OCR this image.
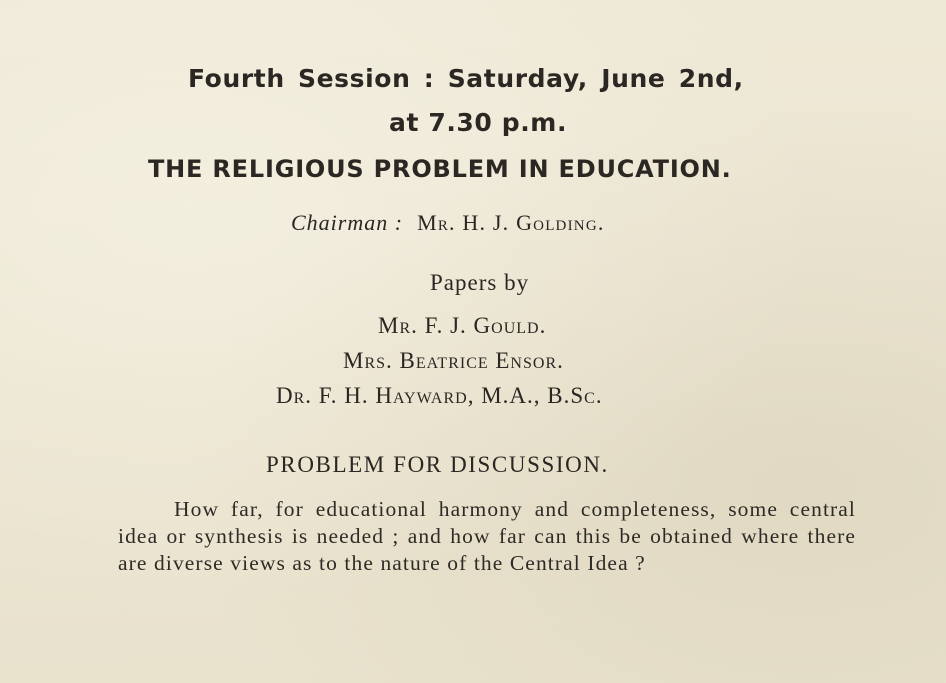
Fourth Session : Saturday, June 2nd,
at 7.30 p.m.
THE RELIGIOUS PROBLEM IN EDUCATION.
Chairman : Mr. H. J. Golding.
Papers by
Mr. F. J. Gould.
Mrs. Beatrice Ensor.
Dr. F. H. Hayward, M.A., B.Sc.
PROBLEM FOR DISCUSSION.
How far, for educational harmony and completeness, some central idea or synthesis is needed ; and how far can this be obtained where there are diverse views as to the nature of the Central Idea ?
